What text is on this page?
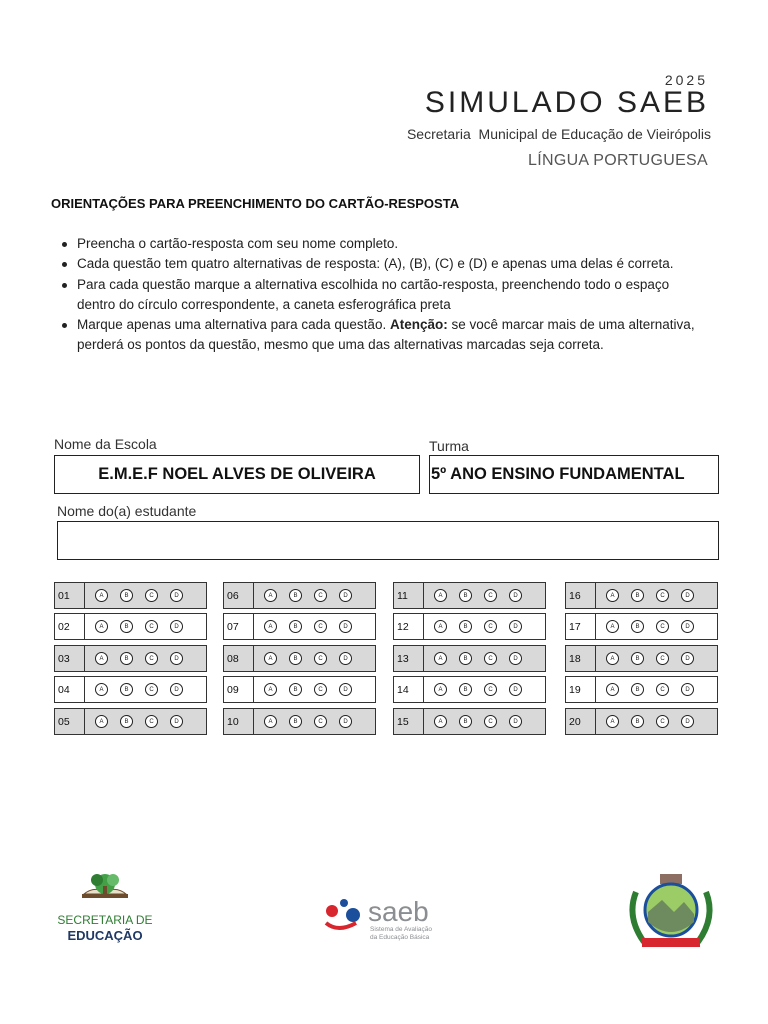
2025
SIMULADO SAEB
Secretaria  Municipal de Educação de Vieirópolis
LÍNGUA PORTUGUESA
ORIENTAÇÕES PARA PREENCHIMENTO DO CARTÃO-RESPOSTA
Preencha o cartão-resposta com seu nome completo.
Cada questão tem quatro alternativas de resposta: (A), (B), (C) e (D) e apenas uma delas é correta.
Para cada questão marque a alternativa escolhida no cartão-resposta, preenchendo todo o espaço dentro do círculo correspondente, a caneta esferográfica preta
Marque apenas uma alternativa para cada questão. Atenção: se você marcar mais de uma alternativa, perderá os pontos da questão, mesmo que uma das alternativas marcadas seja correta.
Nome da Escola
E.M.E.F NOEL ALVES DE OLIVEIRA
Turma
5º ANO ENSINO FUNDAMENTAL
Nome do(a) estudante
01	A	B	C	D
02	A	B	C	D
03	A	B	C	D
04	A	B	C	D
05	A	B	C	D
06	A	B	C	D
07	A	B	C	D
08	A	B	C	D
09	A	B	C	D
10	A	B	C	D
11	A	B	C	D
12	A	B	C	D
13	A	B	C	D
14	A	B	C	D
15	A	B	C	D
16	A	B	C	D
17	A	B	C	D
18	A	B	C	D
19	A	B	C	D
20	A	B	C	D
SECRETARIA DE
EDUCAÇÃO
saeb
Sistema de Avaliação
da Educação Básica
